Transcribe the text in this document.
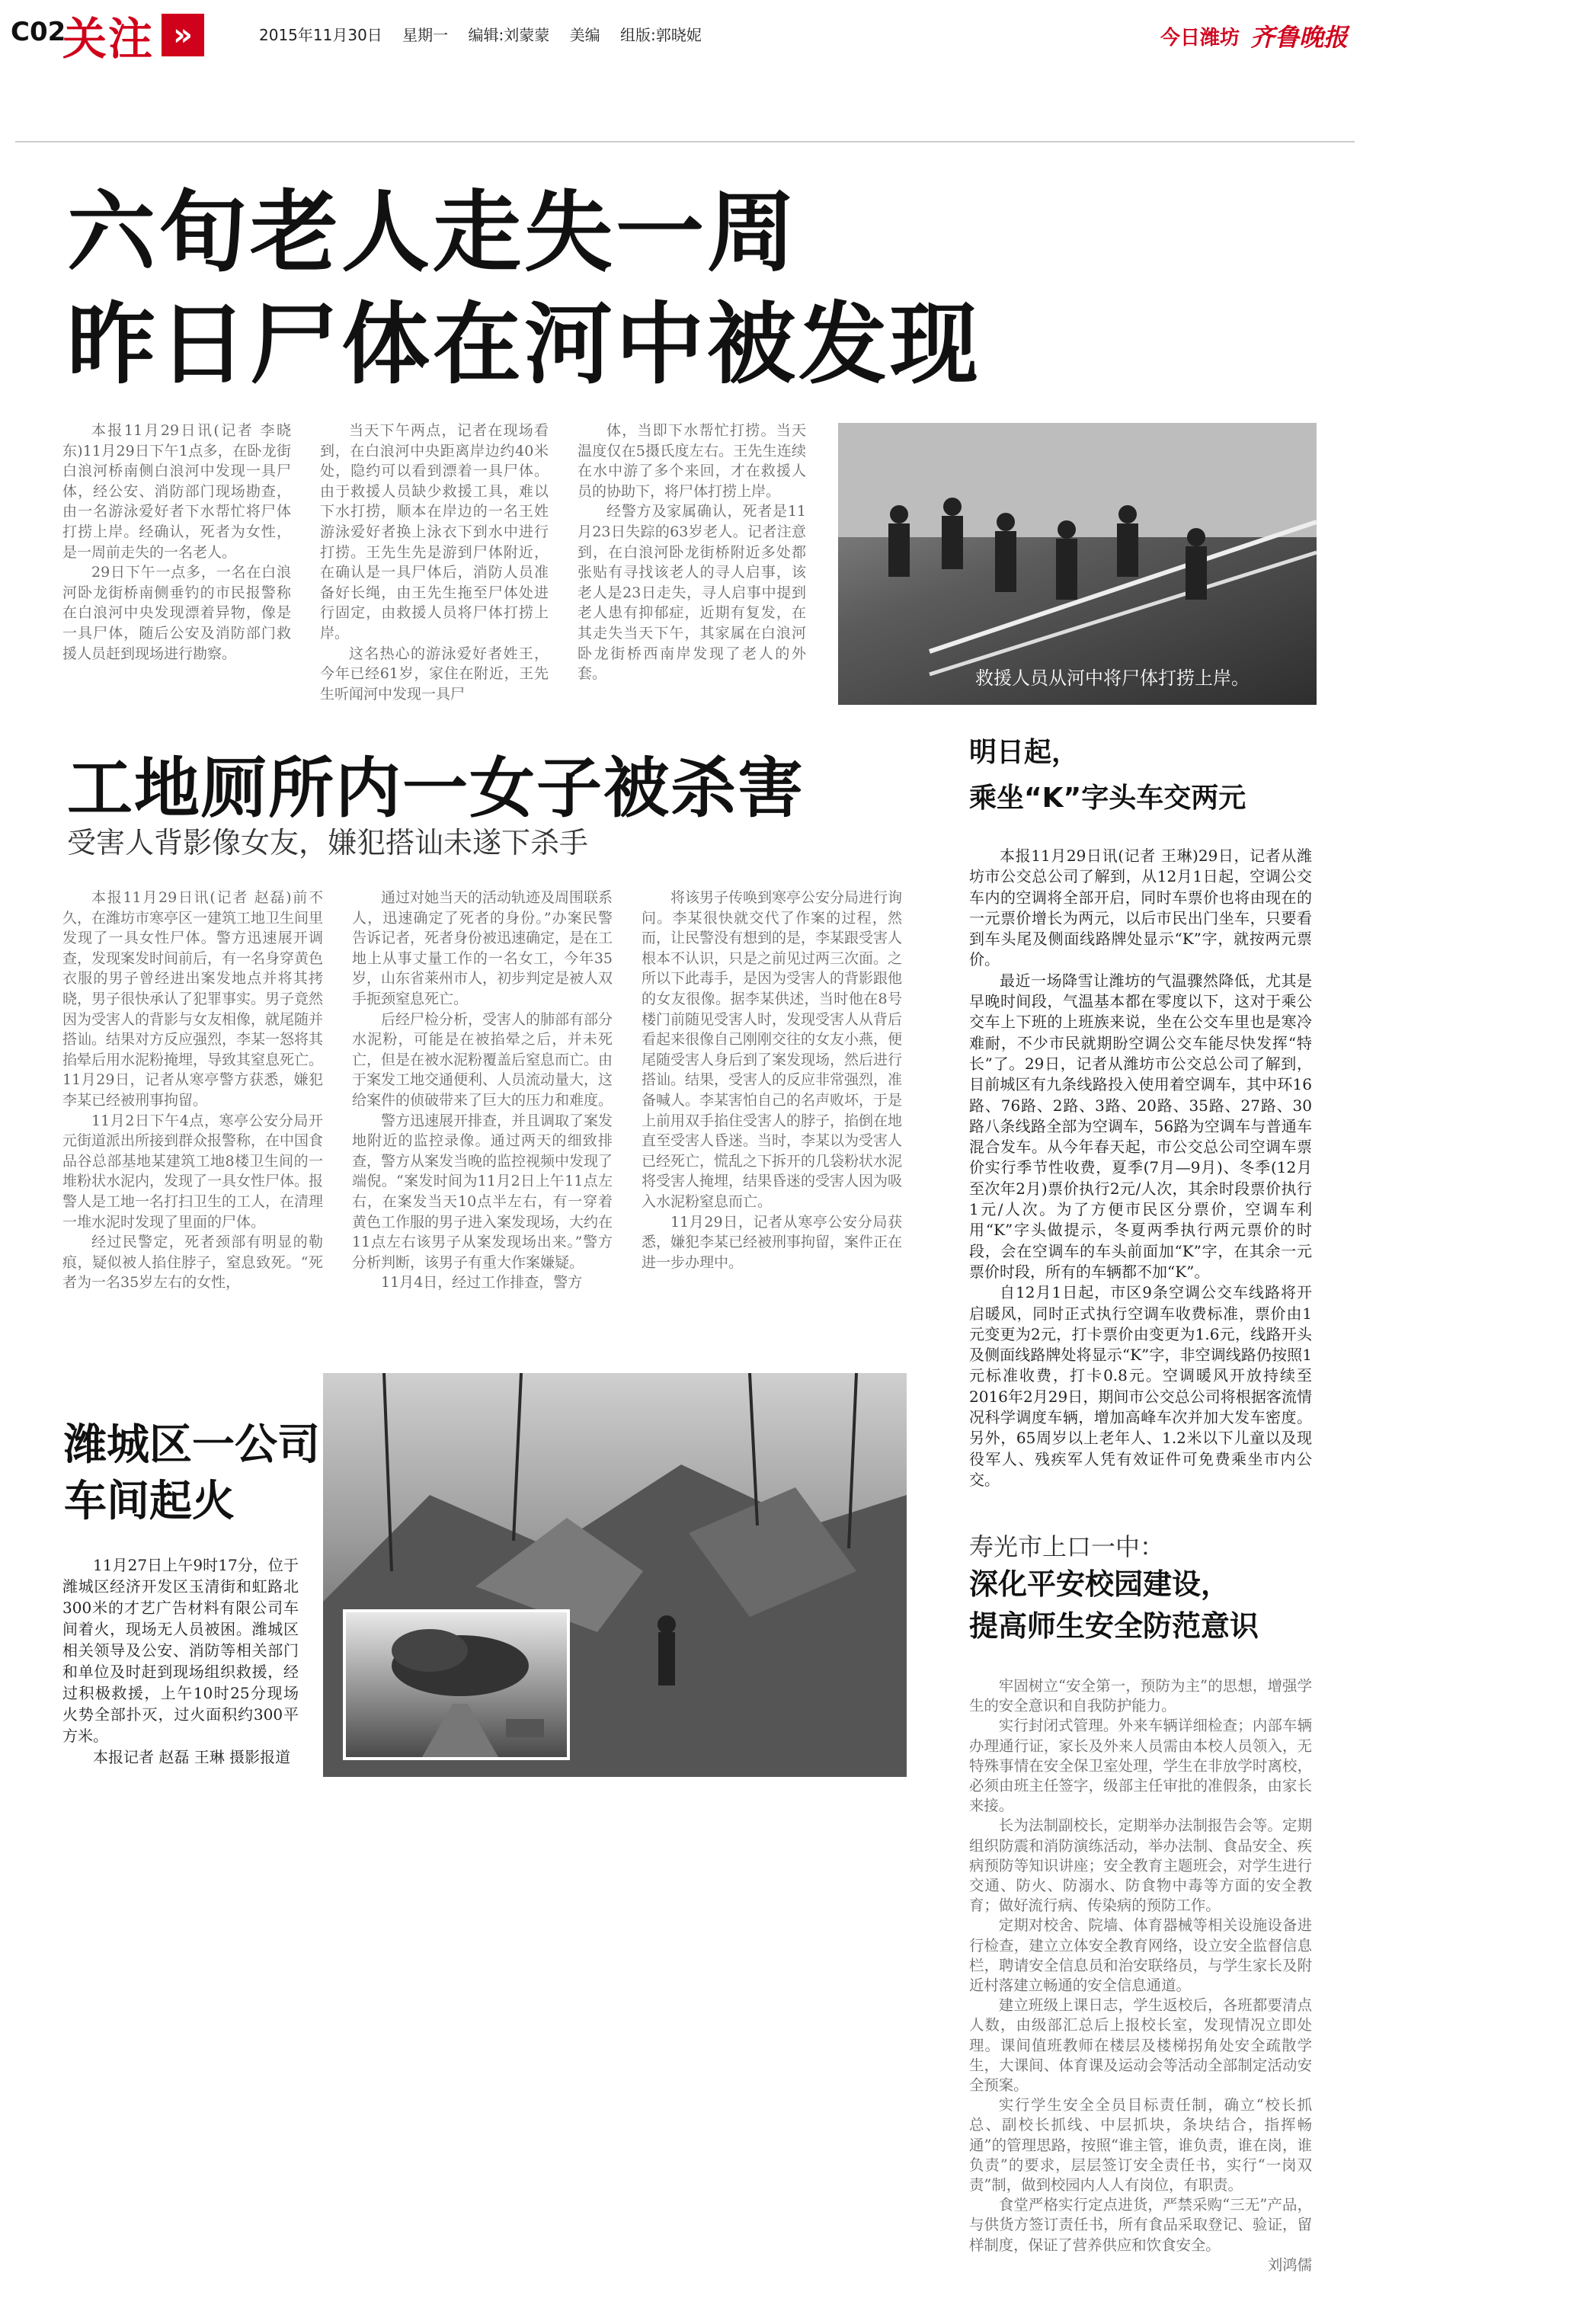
C02
关注 »	2015年11月30日 星期一 编辑:刘蒙蒙 美编 组版:郭晓妮	今日潍坊 齐鲁晚报
六旬老人走失一周
昨日尸体在河中被发现

本报11月29日讯(记者 李晓东)11月29日下午1点多，在卧龙街白浪河桥南侧白浪河中发现一具尸体，经公安、消防部门现场勘查，由一名游泳爱好者下水帮忙将尸体打捞上岸。经确认，死者为女性，是一周前走失的一名老人。

29日下午一点多，一名在白浪河卧龙街桥南侧垂钓的市民报警称在白浪河中央发现漂着异物，像是一具尸体，随后公安及消防部门救援人员赶到现场进行勘察。

当天下午两点，记者在现场看到，在白浪河中央距离岸边约40米处，隐约可以看到漂着一具尸体。由于救援人员缺少救援工具，难以下水打捞，顺本在岸边的一名王姓游泳爱好者换上泳衣下到水中进行打捞。王先生先是游到尸体附近，在确认是一具尸体后，消防人员准备好长绳，由王先生拖至尸体处进行固定，由救援人员将尸体打捞上岸。

这名热心的游泳爱好者姓王，今年已经61岁，家住在附近，王先生听闻河中发现一具尸

体，当即下水帮忙打捞。当天温度仅在5摄氏度左右。王先生连续在水中游了多个来回，才在救援人员的协助下，将尸体打捞上岸。

经警方及家属确认，死者是11月23日失踪的63岁老人。记者注意到，在白浪河卧龙街桥附近多处都张贴有寻找该老人的寻人启事，该老人是23日走失，寻人启事中提到老人患有抑郁症，近期有复发，在其走失当天下午，其家属在白浪河卧龙街桥西南岸发现了老人的外套。	救援人员从河中将尸体打捞上岸。
工地厕所内一女子被杀害
受害人背影像女友，嫌犯搭讪未遂下杀手

本报11月29日讯(记者 赵磊)前不久，在潍坊市寒亭区一建筑工地卫生间里发现了一具女性尸体。警方迅速展开调查，发现案发时间前后，有一名身穿黄色衣服的男子曾经进出案发地点并将其拷晓，男子很快承认了犯罪事实。男子竟然因为受害人的背影与女友相像，就尾随并搭讪。结果对方反应强烈，李某一怒将其掐晕后用水泥粉掩埋，导致其窒息死亡。11月29日，记者从寒亭警方获悉，嫌犯李某已经被刑事拘留。

11月2日下午4点，寒亭公安分局开元街道派出所接到群众报警称，在中国食品谷总部基地某建筑工地8楼卫生间的一堆粉状水泥内，发现了一具女性尸体。报警人是工地一名打扫卫生的工人，在清理一堆水泥时发现了里面的尸体。

经过民警定，死者颈部有明显的勒痕，疑似被人掐住脖子，窒息致死。“死者为一名35岁左右的女性，

通过对她当天的活动轨迹及周围联系人，迅速确定了死者的身份。”办案民警告诉记者，死者身份被迅速确定，是在工地上从事丈量工作的一名女工，今年35岁，山东省莱州市人，初步判定是被人双手扼颈窒息死亡。

后经尸检分析，受害人的肺部有部分水泥粉，可能是在被掐晕之后，并未死亡，但是在被水泥粉覆盖后窒息而亡。由于案发工地交通便利、人员流动量大，这给案件的侦破带来了巨大的压力和难度。

警方迅速展开排查，并且调取了案发地附近的监控录像。通过两天的细致排查，警方从案发当晚的监控视频中发现了端倪。“案发时间为11月2日上午11点左右，在案发当天10点半左右，有一穿着黄色工作服的男子进入案发现场，大约在11点左右该男子从案发现场出来。”警方分析判断，该男子有重大作案嫌疑。

11月4日，经过工作排查，警方

将该男子传唤到寒亭公安分局进行询问。李某很快就交代了作案的过程，然而，让民警没有想到的是，李某跟受害人根本不认识，只是之前见过两三次面。之所以下此毒手，是因为受害人的背影跟他的女友很像。据李某供述，当时他在8号楼门前随见受害人时，发现受害人从背后看起来很像自己刚刚交往的女友小燕，便尾随受害人身后到了案发现场，然后进行搭讪。结果，受害人的反应非常强烈，准备喊人。李某害怕自己的名声败坏，于是上前用双手掐住受害人的脖子，掐倒在地直至受害人昏迷。当时，李某以为受害人已经死亡，慌乱之下拆开的几袋粉状水泥将受害人掩埋，结果昏迷的受害人因为吸入水泥粉窒息而亡。

11月29日，记者从寒亭公安分局获悉，嫌犯李某已经被刑事拘留，案件正在进一步办理中。

潍城区一公司
车间起火

11月27日上午9时17分，位于潍城区经济开发区玉清街和虹路北300米的才艺广告材料有限公司车间着火，现场无人员被困。潍城区相关领导及公安、消防等相关部门和单位及时赶到现场组织救援，经过积极救援，上午10时25分现场火势全部扑灭，过火面积约300平方米。

本报记者 赵磊 王琳 摄影报道

明日起，
乘坐“K”字头车交两元

本报11月29日讯(记者 王琳)29日，记者从潍坊市公交总公司了解到，从12月1日起，空调公交车内的空调将全部开启，同时车票价也将由现在的一元票价增长为两元，以后市民出门坐车，只要看到车头尾及侧面线路牌处显示“K”字，就按两元票价。

最近一场降雪让潍坊的气温骤然降低，尤其是早晚时间段，气温基本都在零度以下，这对于乘公交车上下班的上班族来说，坐在公交车里也是寒冷难耐，不少市民就期盼空调公交车能尽快发挥“特长”了。29日，记者从潍坊市公交总公司了解到，目前城区有九条线路投入使用着空调车，其中环16路、76路、2路、3路、20路、35路、27路、30路八条线路全部为空调车，56路为空调车与普通车混合发车。从今年春天起，市公交总公司空调车票价实行季节性收费，夏季(7月—9月)、冬季(12月至次年2月)票价执行2元/人次，其余时段票价执行1元/人次。为了方便市民区分票价，空调车利用“K”字头做提示，冬夏两季执行两元票价的时段，会在空调车的车头前面加“K”字，在其余一元票价时段，所有的车辆都不加“K”。

自12月1日起，市区9条空调公交车线路将开启暖风，同时正式执行空调车收费标准，票价由1元变更为2元，打卡票价由变更为1.6元，线路开头及侧面线路牌处将显示“K”字，非空调线路仍按照1元标准收费，打卡0.8元。空调暖风开放持续至2016年2月29日，期间市公交总公司将根据客流情况科学调度车辆，增加高峰车次并加大发车密度。另外，65周岁以上老年人、1.2米以下儿童以及现役军人、残疾军人凭有效证件可免费乘坐市内公交。

寿光市上口一中：
深化平安校园建设，
提高师生安全防范意识

牢固树立“安全第一，预防为主”的思想，增强学生的安全意识和自我防护能力。

实行封闭式管理。外来车辆详细检查；内部车辆办理通行证，家长及外来人员需由本校人员领入，无特殊事情在安全保卫室处理，学生在非放学时离校，必须由班主任签字，级部主任审批的准假条，由家长来接。

长为法制副校长，定期举办法制报告会等。定期组织防震和消防演练活动，举办法制、食品安全、疾病预防等知识讲座；安全教育主题班会，对学生进行交通、防火、防溺水、防食物中毒等方面的安全教育；做好流行病、传染病的预防工作。

定期对校舍、院墙、体育器械等相关设施设备进行检查，建立立体安全教育网络，设立安全监督信息栏，聘请安全信息员和治安联络员，与学生家长及附近村落建立畅通的安全信息通道。

建立班级上课日志，学生返校后，各班都要清点人数，由级部汇总后上报校长室，发现情况立即处理。课间值班教师在楼层及楼梯拐角处安全疏散学生，大课间、体育课及运动会等活动全部制定活动安全预案。

实行学生安全全员目标责任制，确立“校长抓总、副校长抓线、中层抓块，条块结合，指挥畅通”的管理思路，按照“谁主管，谁负责，谁在岗，谁负责”的要求，层层签订安全责任书，实行“一岗双责”制，做到校园内人人有岗位，有职责。

食堂严格实行定点进货，严禁采购“三无”产品，与供货方签订责任书，所有食品采取登记、验证，留样制度，保证了营养供应和饮食安全。

刘鸿儒
